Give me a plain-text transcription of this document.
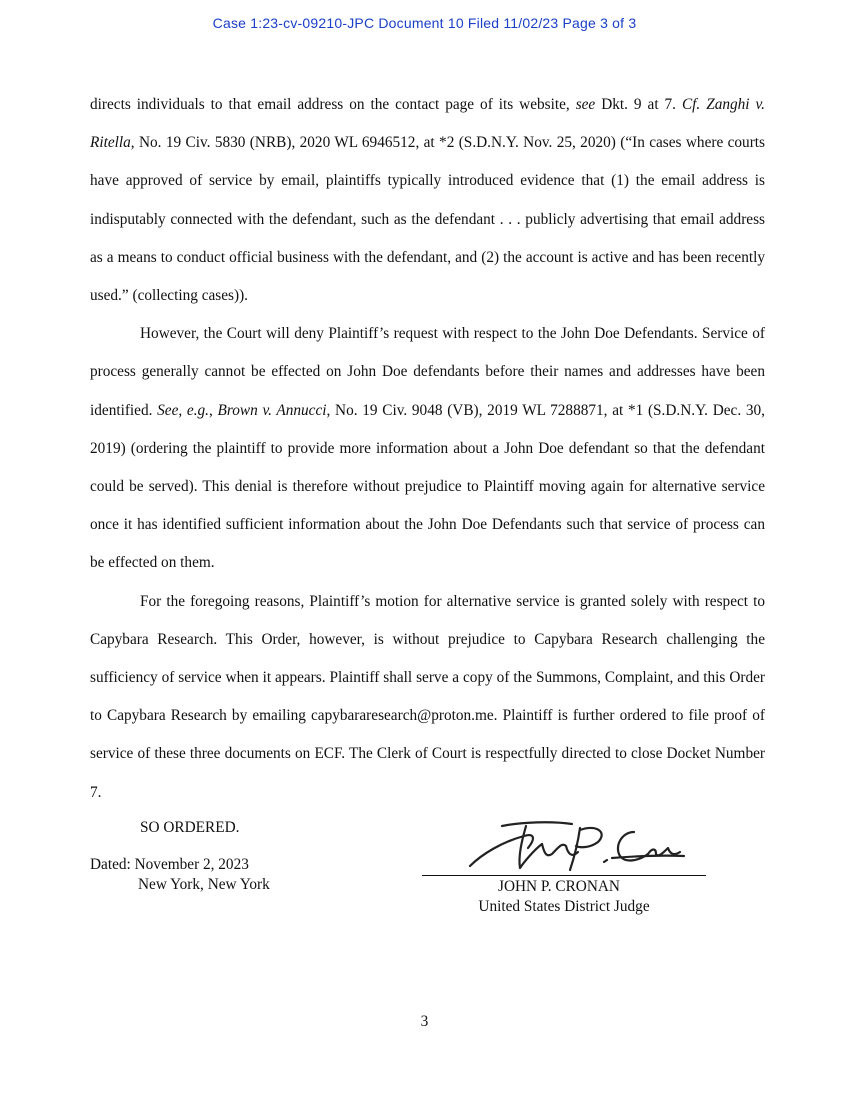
Case 1:23-cv-09210-JPC Document 10 Filed 11/02/23 Page 3 of 3

directs individuals to that email address on the contact page of its website, see Dkt. 9 at 7. Cf. Zanghi v. Ritella, No. 19 Civ. 5830 (NRB), 2020 WL 6946512, at *2 (S.D.N.Y. Nov. 25, 2020) (“In cases where courts have approved of service by email, plaintiffs typically introduced evidence that (1) the email address is indisputably connected with the defendant, such as the defendant . . . publicly advertising that email address as a means to conduct official business with the defendant, and (2) the account is active and has been recently used.” (collecting cases)).

However, the Court will deny Plaintiff’s request with respect to the John Doe Defendants. Service of process generally cannot be effected on John Doe defendants before their names and addresses have been identified. See, e.g., Brown v. Annucci, No. 19 Civ. 9048 (VB), 2019 WL 7288871, at *1 (S.D.N.Y. Dec. 30, 2019) (ordering the plaintiff to provide more information about a John Doe defendant so that the defendant could be served). This denial is therefore without prejudice to Plaintiff moving again for alternative service once it has identified sufficient information about the John Doe Defendants such that service of process can be effected on them.

For the foregoing reasons, Plaintiff’s motion for alternative service is granted solely with respect to Capybara Research. This Order, however, is without prejudice to Capybara Research challenging the sufficiency of service when it appears. Plaintiff shall serve a copy of the Summons, Complaint, and this Order to Capybara Research by emailing capybararesearch@proton.me. Plaintiff is further ordered to file proof of service of these three documents on ECF. The Clerk of Court is respectfully directed to close Docket Number 7.

SO ORDERED.
Dated: November 2, 2023
New York, New York	JOHN P. CRONAN
United States District Judge
3
